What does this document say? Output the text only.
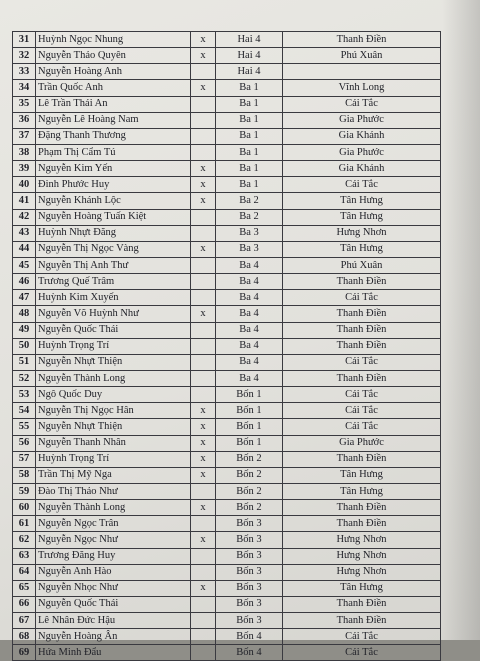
31	Huỳnh Ngọc Nhung	x	Hai 4	Thanh Điền
32	Nguyễn Thảo Quyên	x	Hai 4	Phú Xuân
33	Nguyễn Hoàng Anh		Hai 4	
34	Trần Quốc Anh	x	Ba 1	Vĩnh Long
35	Lê Trần Thái An		Ba 1	Cái Tắc
36	Nguyễn Lê Hoàng Nam		Ba 1	Gia Phước
37	Đặng Thanh Thương		Ba 1	Gia Khánh
38	Phạm Thị Cẩm Tú		Ba 1	Gia Phước
39	Nguyễn Kim Yến	x	Ba 1	Gia Khánh
40	Đinh Phước Huy	x	Ba 1	Cái Tắc
41	Nguyễn Khánh Lộc	x	Ba 2	Tân Hưng
42	Nguyễn Hoàng Tuấn Kiệt		Ba 2	Tân Hưng
43	Huỳnh Nhựt Đăng		Ba 3	Hưng Nhơn
44	Nguyễn Thị Ngọc Vàng	x	Ba 3	Tân Hưng
45	Nguyễn Thị Anh Thư		Ba 4	Phú Xuân
46	Trương Quế Trâm		Ba 4	Thanh Điền
47	Huỳnh Kim Xuyến		Ba 4	Cái Tắc
48	Nguyễn Võ Huỳnh Như	x	Ba 4	Thanh Điền
49	Nguyễn Quốc Thái		Ba 4	Thanh Điền
50	Huỳnh Trọng Trí		Ba 4	Thanh Điền
51	Nguyễn Nhựt Thiện		Ba 4	Cái Tắc
52	Nguyễn Thành Long		Ba 4	Thanh Điền
53	Ngô Quốc Duy		Bốn 1	Cái Tắc
54	Nguyễn Thị Ngọc Hân	x	Bốn 1	Cái Tắc
55	Nguyễn Nhựt Thiện	x	Bốn 1	Cái Tắc
56	Nguyễn Thanh Nhân	x	Bốn 1	Gia Phước
57	Huỳnh Trọng Trí	x	Bốn 2	Thanh Điền
58	Trần Thị Mỹ Nga	x	Bốn 2	Tân Hưng
59	Đào Thị Thảo Như		Bốn 2	Tân Hưng
60	Nguyễn Thành Long	x	Bốn 2	Thanh Điền
61	Nguyễn Ngọc Trân		Bốn 3	Thanh Điền
62	Nguyễn Ngọc Như	x	Bốn 3	Hưng Nhơn
63	Trương Đăng Huy		Bốn 3	Hưng Nhơn
64	Nguyễn Anh Hào		Bốn 3	Hưng Nhơn
65	Nguyễn Nhọc Như	x	Bốn 3	Tân Hưng
66	Nguyễn Quốc Thái		Bốn 3	Thanh Điền
67	Lê Nhân Đức Hậu		Bốn 3	Thanh Điền
68	Nguyễn Hoàng Ân		Bốn 4	Cái Tắc
69	Hứa Minh Đẩu		Bốn 4	Cái Tắc
